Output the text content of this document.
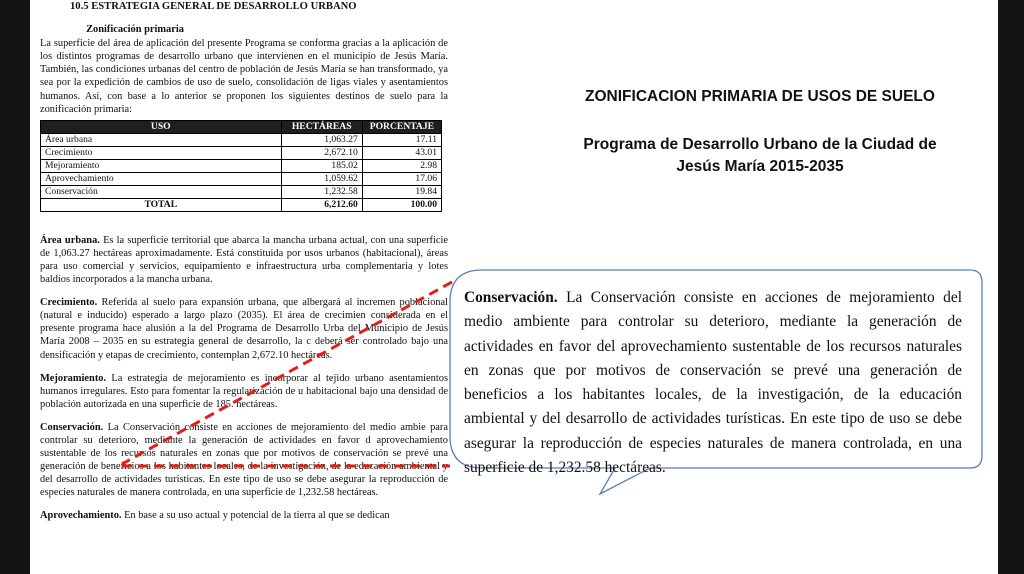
10.5 ESTRATEGIA GENERAL DE DESARROLLO URBANO
Zonificación primaria

La superficie del área de aplicación del presente Programa se conforma gracias a la aplicación de los distintos programas de desarrollo urbano que intervienen en el municipio de Jesús María. También, las condiciones urbanas del centro de población de Jesús María se han transformado, ya sea por la expedición de cambios de uso de suelo, consolidación de ligas viales y asentamientos humanos. Así, con base a lo anterior se proponen los siguientes destinos de suelo para la zonificación primaria:

USO	HECTÁREAS	PORCENTAJE
Área urbana	1,063.27	17.11
Crecimiento	2,672.10	43.01
Mejoramiento	185.02	2.98
Aprovechamiento	1,059.62	17.06
Conservación	1,232.58	19.84
TOTAL	6,212.60	100.00

Área urbana. Es la superficie territorial que abarca la mancha urbana actual, con una superficie de 1,063.27 hectáreas aproximadamente. Está constituida por usos urbanos (habitacional), áreas para uso comercial y servicios, equipamiento e infraestructura urba complementaria y lotes baldíos incorporados a la mancha urbana.

Crecimiento. Referida al suelo para expansión urbana, que albergará al incremen poblacional (natural e inducido) esperado a largo plazo (2035). El área de crecimien considerada en el presente programa hace alusión a la del Programa de Desarrollo Urba del Municipio de Jesús María 2008 – 2035 en su estrategia general de desarrollo, la c deberá ser controlado bajo una densificación y etapas de crecimiento, contemplan 2,672.10 hectáreas.

Mejoramiento. La estrategia de mejoramiento es incorporar al tejido urbano asentamientos humanos irregulares. Esto para fomentar la regularización de u habitacional bajo una densidad de población autorizada en una superficie de 185. hectáreas.

Conservación. La Conservación consiste en acciones de mejoramiento del medio ambie para controlar su deterioro, mediante la generación de actividades en favor d aprovechamiento sustentable de los recursos naturales en zonas que por motivos de conservación se prevé una generación de beneficios a los habitantes locales, de la investigación, de la educación ambiental y del desarrollo de actividades turísticas. En este tipo de uso se debe asegurar la reproducción de especies naturales de manera controlada, en una superficie de 1,232.58 hectáreas.

Aprovechamiento. En base a su uso actual y potencial de la tierra al que se dedican

ZONIFICACION PRIMARIA DE USOS DE SUELO
Programa de Desarrollo Urbano de la Ciudad de Jesús María 2015-2035
Conservación. La Conservación consiste en acciones de mejoramiento del medio ambiente para controlar su deterioro, mediante la generación de actividades en favor del aprovechamiento sustentable de los recursos naturales en zonas que por motivos de conservación se prevé una generación de beneficios a los habitantes locales, de la investigación, de la educación ambiental y del desarrollo de actividades turísticas. En este tipo de uso se debe asegurar la reproducción de especies naturales de manera controlada, en una superficie de 1,232.58 hectáreas.
